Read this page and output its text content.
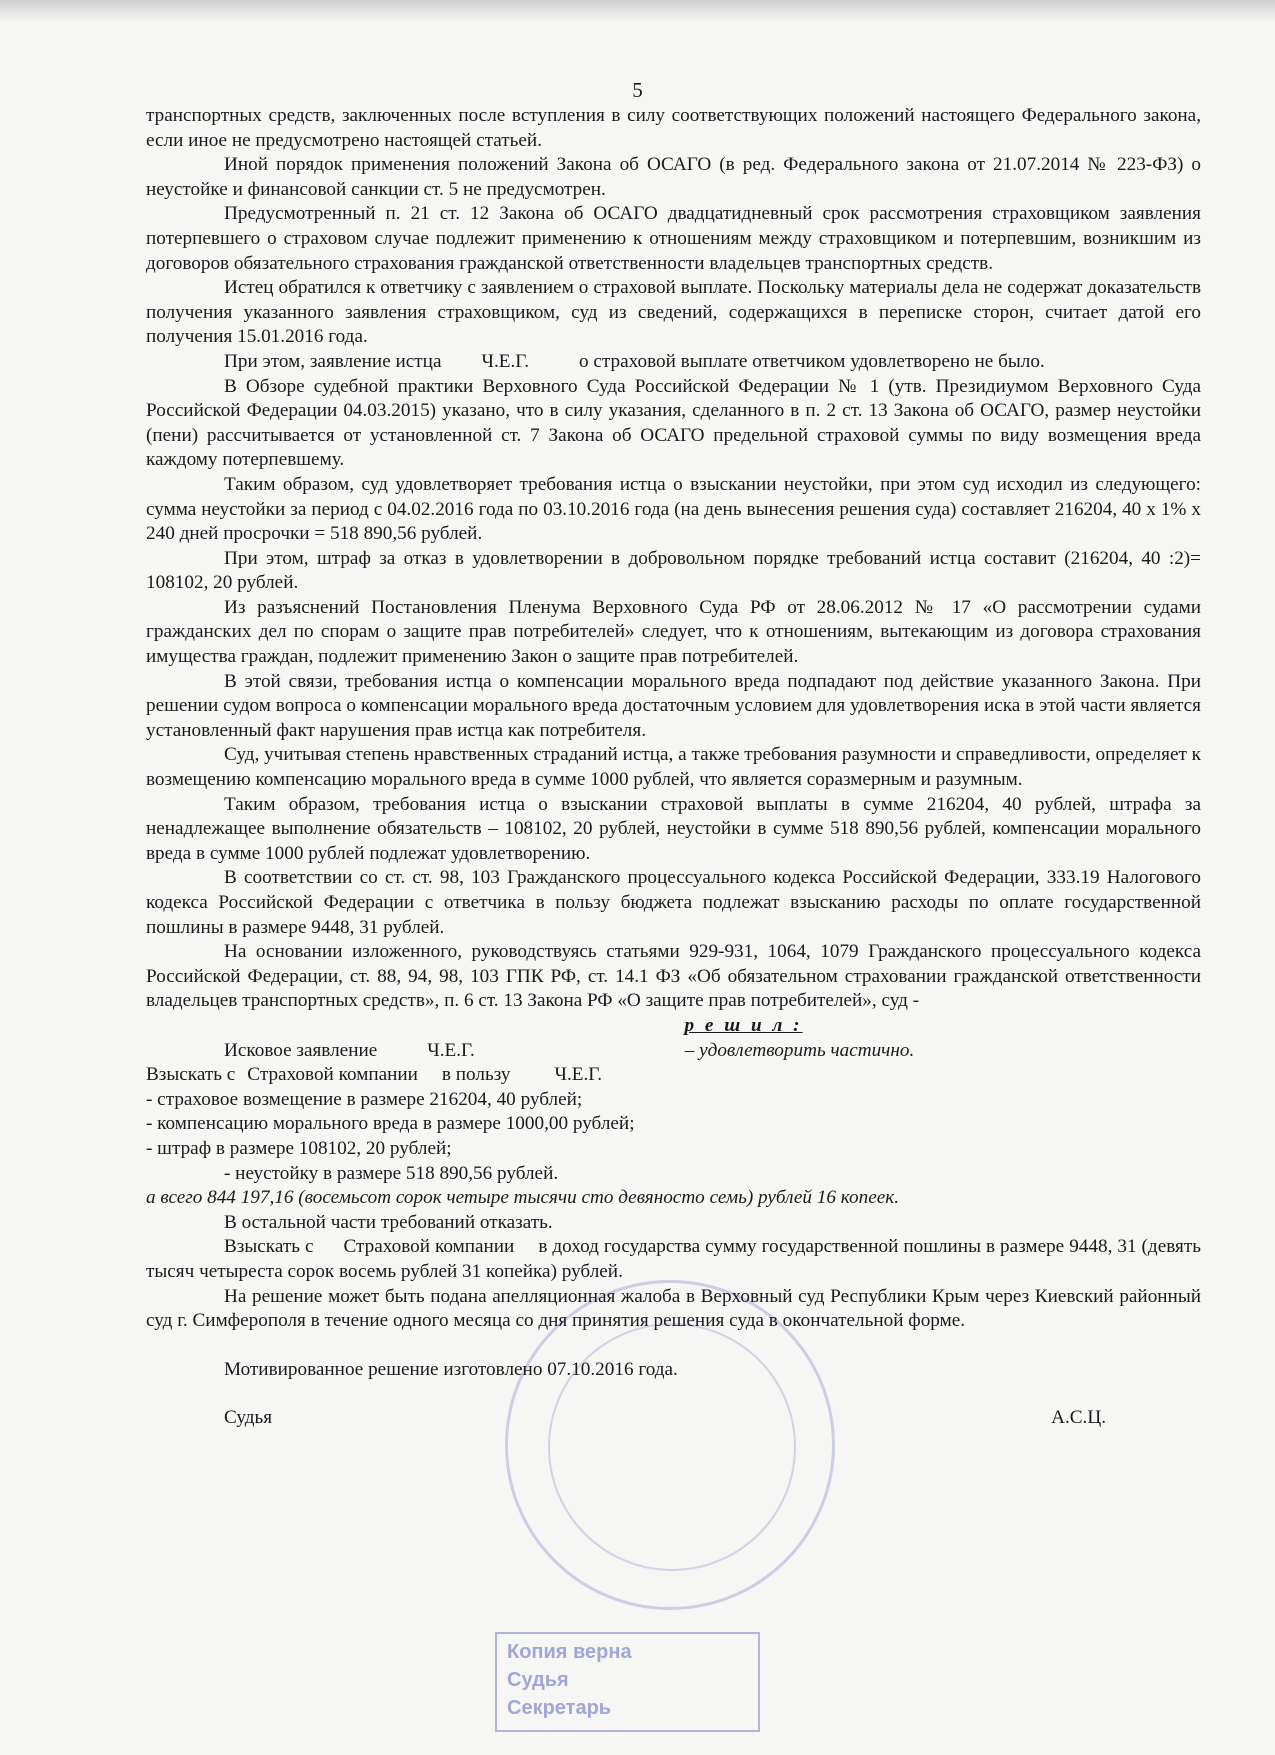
5

транспортных средств, заключенных после вступления в силу соответствующих положений настоящего Федерального закона, если иное не предусмотрено настоящей статьей.

Иной порядок применения положений Закона об ОСАГО (в ред. Федерального закона от 21.07.2014 № 223-ФЗ) о неустойке и финансовой санкции ст. 5 не предусмотрен.

Предусмотренный п. 21 ст. 12 Закона об ОСАГО двадцатидневный срок рассмотрения страховщиком заявления потерпевшего о страховом случае подлежит применению к отношениям между страховщиком и потерпевшим, возникшим из договоров обязательного страхования гражданской ответственности владельцев транспортных средств.

Истец обратился к ответчику с заявлением о страховой выплате. Поскольку материалы дела не содержат доказательств получения указанного заявления страховщиком, суд из сведений, содержащихся в переписке сторон, считает датой его получения 15.01.2016 года.

При этом, заявление истца Ч.Е.Г.	о страховой выплате ответчиком удовлетворено не было.

В Обзоре судебной практики Верховного Суда Российской Федерации № 1 (утв. Президиумом Верховного Суда Российской Федерации 04.03.2015) указано, что в силу указания, сделанного в п. 2 ст. 13 Закона об ОСАГО, размер неустойки (пени) рассчитывается от установленной ст. 7 Закона об ОСАГО предельной страховой суммы по виду возмещения вреда каждому потерпевшему.

Таким образом, суд удовлетворяет требования истца о взыскании неустойки, при этом суд исходил из следующего: сумма неустойки за период с 04.02.2016 года по 03.10.2016 года (на день вынесения решения суда) составляет 216204, 40 х 1% х 240 дней просрочки = 518 890,56 рублей.

При этом, штраф за отказ в удовлетворении в добровольном порядке требований истца составит (216204, 40 :2)= 108102, 20 рублей.

Из разъяснений Постановления Пленума Верховного Суда РФ от 28.06.2012 № 17 «О рассмотрении судами гражданских дел по спорам о защите прав потребителей» следует, что к отношениям, вытекающим из договора страхования имущества граждан, подлежит применению Закон о защите прав потребителей.

В этой связи, требования истца о компенсации морального вреда подпадают под действие указанного Закона. При решении судом вопроса о компенсации морального вреда достаточным условием для удовлетворения иска в этой части является установленный факт нарушения прав истца как потребителя.

Суд, учитывая степень нравственных страданий истца, а также требования разумности и справедливости, определяет к возмещению компенсацию морального вреда в сумме 1000 рублей, что является соразмерным и разумным.

Таким образом, требования истца о взыскании страховой выплаты в сумме 216204, 40 рублей, штрафа за ненадлежащее выполнение обязательств – 108102, 20 рублей, неустойки в сумме 518 890,56 рублей, компенсации морального вреда в сумме 1000 рублей подлежат удовлетворению.

В соответствии со ст. ст. 98, 103 Гражданского процессуального кодекса Российской Федерации, 333.19 Налогового кодекса Российской Федерации с ответчика в пользу бюджета подлежат взысканию расходы по оплате государственной пошлины в размере 9448, 31 рублей.

На основании изложенного, руководствуясь статьями 929-931, 1064, 1079 Гражданского процессуального кодекса Российской Федерации, ст. 88, 94, 98, 103 ГПК РФ, ст. 14.1 ФЗ «Об обязательном страховании гражданской ответственности владельцев транспортных средств», п. 6 ст. 13 Закона РФ «О защите прав потребителей», суд -

р е ш и л :

Исковое заявление	Ч.Е.Г.	– удовлетворить частично.

Взыскать с Страховой компании в пользу Ч.Е.Г.

- страховое возмещение в размере 216204, 40 рублей;

- компенсацию морального вреда в размере 1000,00 рублей;

- штраф в размере 108102, 20 рублей;

- неустойку в размере 518 890,56 рублей.

а всего 844 197,16 (восемьсот сорок четыре тысячи сто девяносто семь) рублей 16 копеек.

В остальной части требований отказать.

Взыскать с Страховой компании в доход государства сумму государственной пошлины в размере 9448, 31 (девять тысяч четыреста сорок восемь рублей 31 копейка) рублей.

На решение может быть подана апелляционная жалоба в Верховный суд Республики Крым через Киевский районный суд г. Симферополя в течение одного месяца со дня принятия решения суда в окончательной форме.

Мотивированное решение изготовлено 07.10.2016 года.

Судья	А.С.Ц.

Копия верна
Судья
Секретарь
